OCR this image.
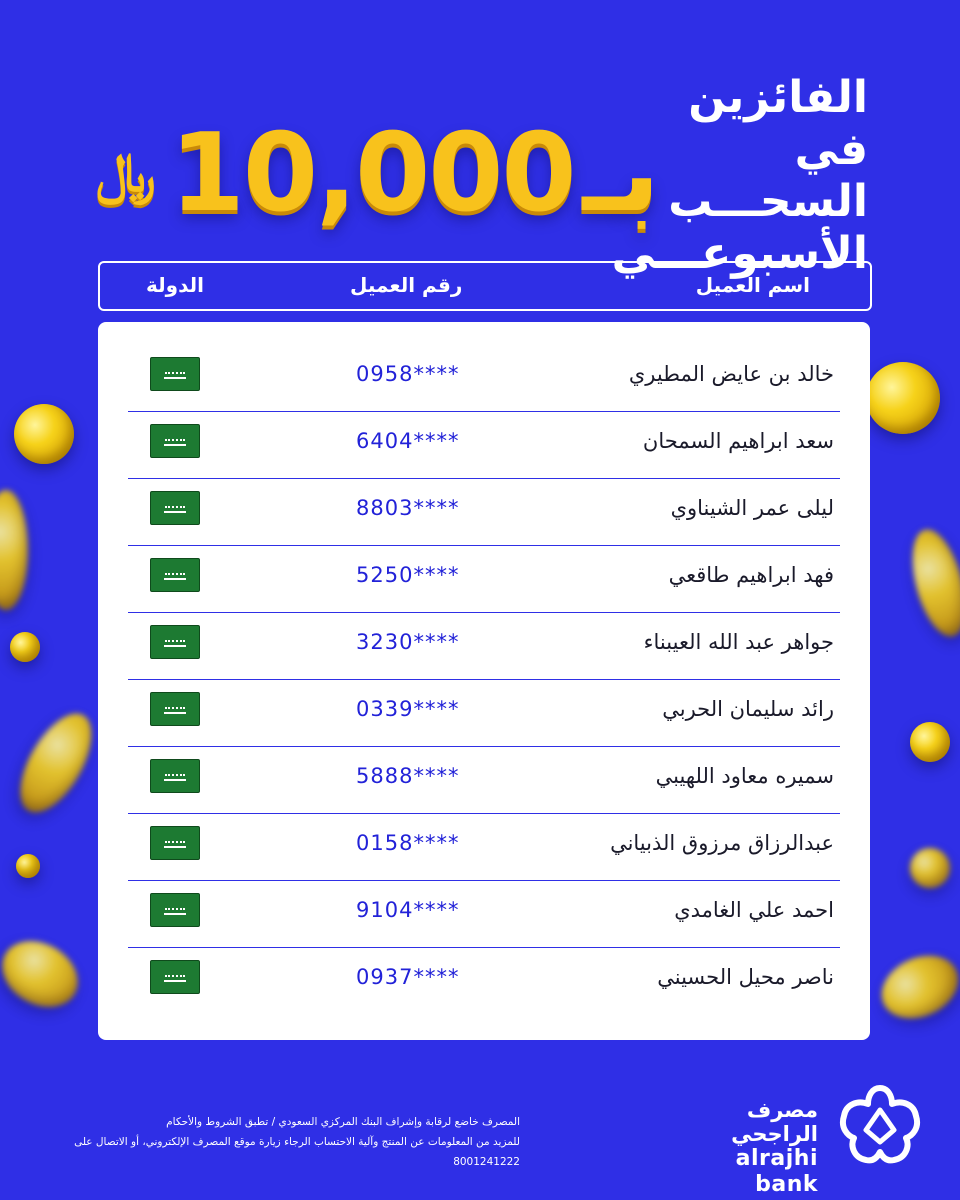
الفائزين في
السحـــب
الأسبوعـــي
﷼ 10,000 بـ
اسم العميل
رقم العميل
الدولة
خالد بن عايض المطيري
0958****
سعد ابراهيم السمحان
6404****
ليلى عمر الشيناوي
8803****
فهد ابراهيم طاقعي
5250****
جواهر عبد الله العيبناء
3230****
رائد سليمان الحربي
0339****
سميره معاود اللهيبي
5888****
عبدالرزاق مرزوق الذبياني
0158****
احمد علي الغامدي
9104****
ناصر محيل الحسيني
0937****
المصرف خاضع لرقابة وإشراف البنك المركزي السعودي / تطبق الشروط والأحكام
للمزيد من المعلومات عن المنتج وآلية الاحتساب الرجاء زيارة موقع المصرف الإلكتروني، أو الاتصال على 8001241222
مصرف الراجحي
alrajhi bank
